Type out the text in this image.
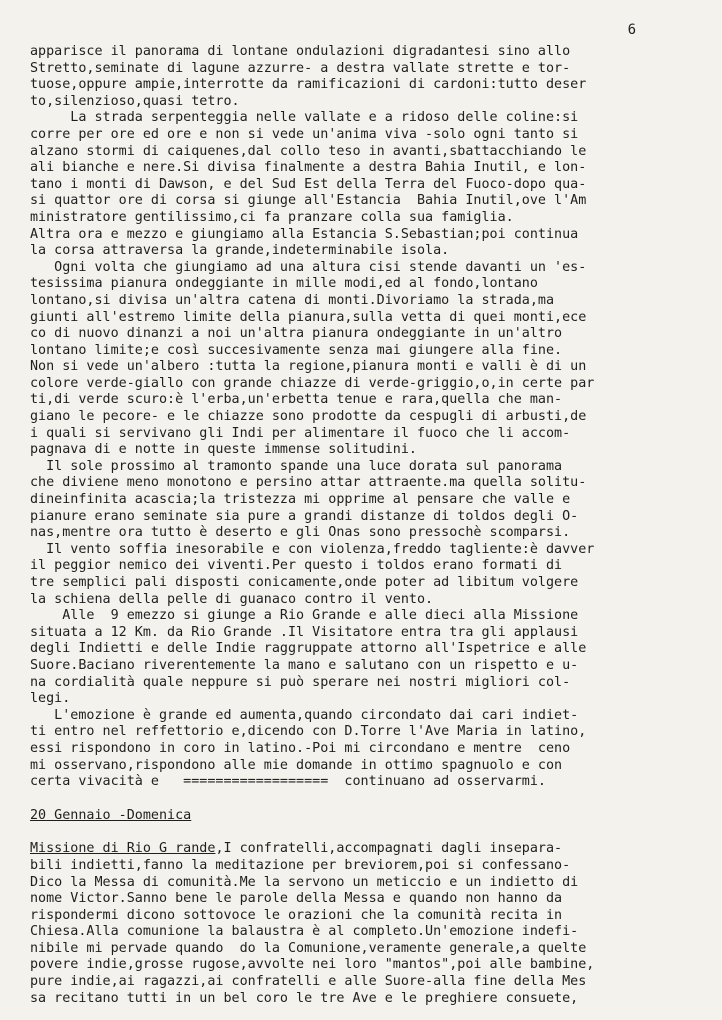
6
apparisce il panorama di lontane ondulazioni digradantesi sino allo
Stretto,seminate di lagune azzurre- a destra vallate strette e tor-
tuose,oppure ampie,interrotte da ramificazioni di cardoni:tutto deser
to,silenzioso,quasi tetro.
La strada serpenteggia nelle vallate e a ridoso delle coline:si
corre per ore ed ore e non si vede un'anima viva -solo ogni tanto si
alzano stormi di caiquenes,dal collo teso in avanti,sbattacchiando le
ali bianche e nere.Si divisa finalmente a destra Bahia Inutil, e lon-
tano i monti di Dawson, e del Sud Est della Terra del Fuoco-dopo qua-
si quattor ore di corsa si giunge all'Estancia  Bahia Inutil,ove l'Am
ministratore gentilissimo,ci fa pranzare colla sua famiglia.
Altra ora e mezzo e giungiamo alla Estancia S.Sebastian;poi continua
la corsa attraversa la grande,indeterminabile isola.
Ogni volta che giungiamo ad una altura cisi stende davanti un 'es-
tesissima pianura ondeggiante in mille modi,ed al fondo,lontano
lontano,si divisa un'altra catena di monti.Divoriamo la strada,ma
giunti all'estremo limite della pianura,sulla vetta di quei monti,ece
co di nuovo dinanzi a noi un'altra pianura ondeggiante in un'altro
lontano limite;e così succesivamente senza mai giungere alla fine.
Non si vede un'albero :tutta la regione,pianura monti e valli è di un
colore verde-giallo con grande chiazze di verde-griggio,o,in certe par
ti,di verde scuro:è l'erba,un'erbetta tenue e rara,quella che man-
giano le pecore- e le chiazze sono prodotte da cespugli di arbusti,de
i quali si servivano gli Indi per alimentare il fuoco che li accom-
pagnava di e notte in queste immense solitudini.
Il sole prossimo al tramonto spande una luce dorata sul panorama
che diviene meno monotono e persino attar attraente.ma quella solitu-
dineinfinita acascia;la tristezza mi opprime al pensare che valle e
pianure erano seminate sia pure a grandi distanze di toldos degli O-
nas,mentre ora tutto è deserto e gli Onas sono pressochè scomparsi.
Il vento soffia inesorabile e con violenza,freddo tagliente:è davver
il peggior nemico dei viventi.Per questo i toldos erano formati di
tre semplici pali disposti conicamente,onde poter ad libitum volgere
la schiena della pelle di guanaco contro il vento.
Alle  9 emezzo si giunge a Rio Grande e alle dieci alla Missione
situata a 12 Km. da Rio Grande .Il Visitatore entra tra gli applausi
degli Indietti e delle Indie raggruppate attorno all'Ispetrice e alle
Suore.Baciano riverentemente la mano e salutano con un rispetto e u-
na cordialità quale neppure si può sperare nei nostri migliori col-
legi.
L'emozione è grande ed aumenta,quando circondato dai cari indiet-
ti entro nel reffettorio e,dicendo con D.Torre l'Ave Maria in latino,
essi rispondono in coro in latino.-Poi mi circondano e mentre  ceno
mi osservano,rispondono alle mie domande in ottimo spagnuolo e con
certa vivacità e   ==================  continuano ad osservarmi.
20 Gennaio -Domenica
Missione di Rio G rande,I confratelli,accompagnati dagli insepara-
bili indietti,fanno la meditazione per breviorem,poi si confessano-
Dico la Messa di comunità.Me la servono un meticcio e un indietto di
nome Victor.Sanno bene le parole della Messa e quando non hanno da
rispondermi dicono sottovoce le orazioni che la comunità recita in
Chiesa.Alla comunione la balaustra è al completo.Un'emozione indefi-
nibile mi pervade quando  do la Comunione,veramente generale,a quelte
povere indie,grosse rugose,avvolte nei loro "mantos",poi alle bambine,
pure indie,ai ragazzi,ai confratelli e alle Suore-alla fine della Mes
sa recitano tutti in un bel coro le tre Ave e le preghiere consuete,
